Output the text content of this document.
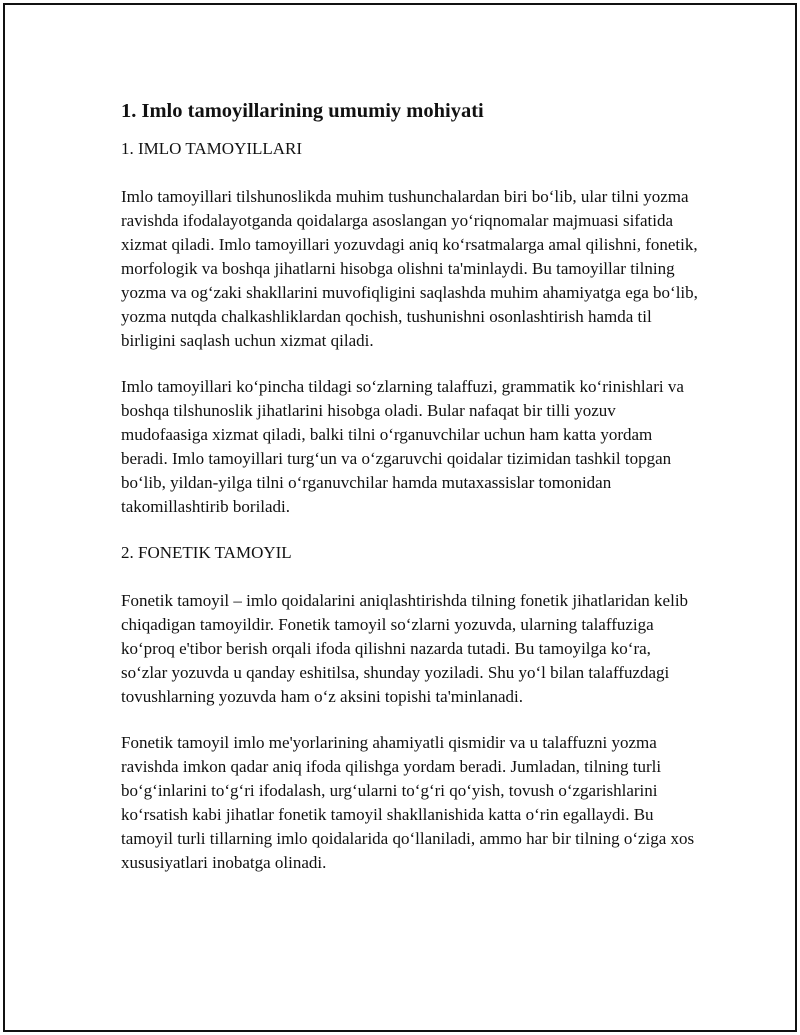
1. Imlo tamoyillarining umumiy mohiyati
1. IMLO TAMOYILLARI

Imlo tamoyillari tilshunoslikda muhim tushunchalardan biri bo‘lib, ular tilni yozma ravishda ifodalayotganda qoidalarga asoslangan yo‘riqnomalar majmuasi sifatida xizmat qiladi. Imlo tamoyillari yozuvdagi aniq ko‘rsatmalarga amal qilishni, fonetik, morfologik va boshqa jihatlarni hisobga olishni ta'minlaydi. Bu tamoyillar tilning yozma va og‘zaki shakllarini muvofiqligini saqlashda muhim ahamiyatga ega bo‘lib, yozma nutqda chalkashliklardan qochish, tushunishni osonlashtirish hamda til birligini saqlash uchun xizmat qiladi.

Imlo tamoyillari ko‘pincha tildagi so‘zlarning talaffuzi, grammatik ko‘rinishlari va boshqa tilshunoslik jihatlarini hisobga oladi. Bular nafaqat bir tilli yozuv mudofaasiga xizmat qiladi, balki tilni o‘rganuvchilar uchun ham katta yordam beradi. Imlo tamoyillari turg‘un va o‘zgaruvchi qoidalar tizimidan tashkil topgan bo‘lib, yildan-yilga tilni o‘rganuvchilar hamda mutaxassislar tomonidan takomillashtirib boriladi.

2. FONETIK TAMOYIL

Fonetik tamoyil – imlo qoidalarini aniqlashtirishda tilning fonetik jihatlaridan kelib chiqadigan tamoyildir. Fonetik tamoyil so‘zlarni yozuvda, ularning talaffuziga ko‘proq e'tibor berish orqali ifoda qilishni nazarda tutadi. Bu tamoyilga ko‘ra, so‘zlar yozuvda u qanday eshitilsa, shunday yoziladi. Shu yo‘l bilan talaffuzdagi tovushlarning yozuvda ham o‘z aksini topishi ta'minlanadi.

Fonetik tamoyil imlo me'yorlarining ahamiyatli qismidir va u talaffuzni yozma ravishda imkon qadar aniq ifoda qilishga yordam beradi. Jumladan, tilning turli bo‘g‘inlarini to‘g‘ri ifodalash, urg‘ularni to‘g‘ri qo‘yish, tovush o‘zgarishlarini ko‘rsatish kabi jihatlar fonetik tamoyil shakllanishida katta o‘rin egallaydi. Bu tamoyil turli tillarning imlo qoidalarida qo‘llaniladi, ammo har bir tilning o‘ziga xos xususiyatlari inobatga olinadi.
